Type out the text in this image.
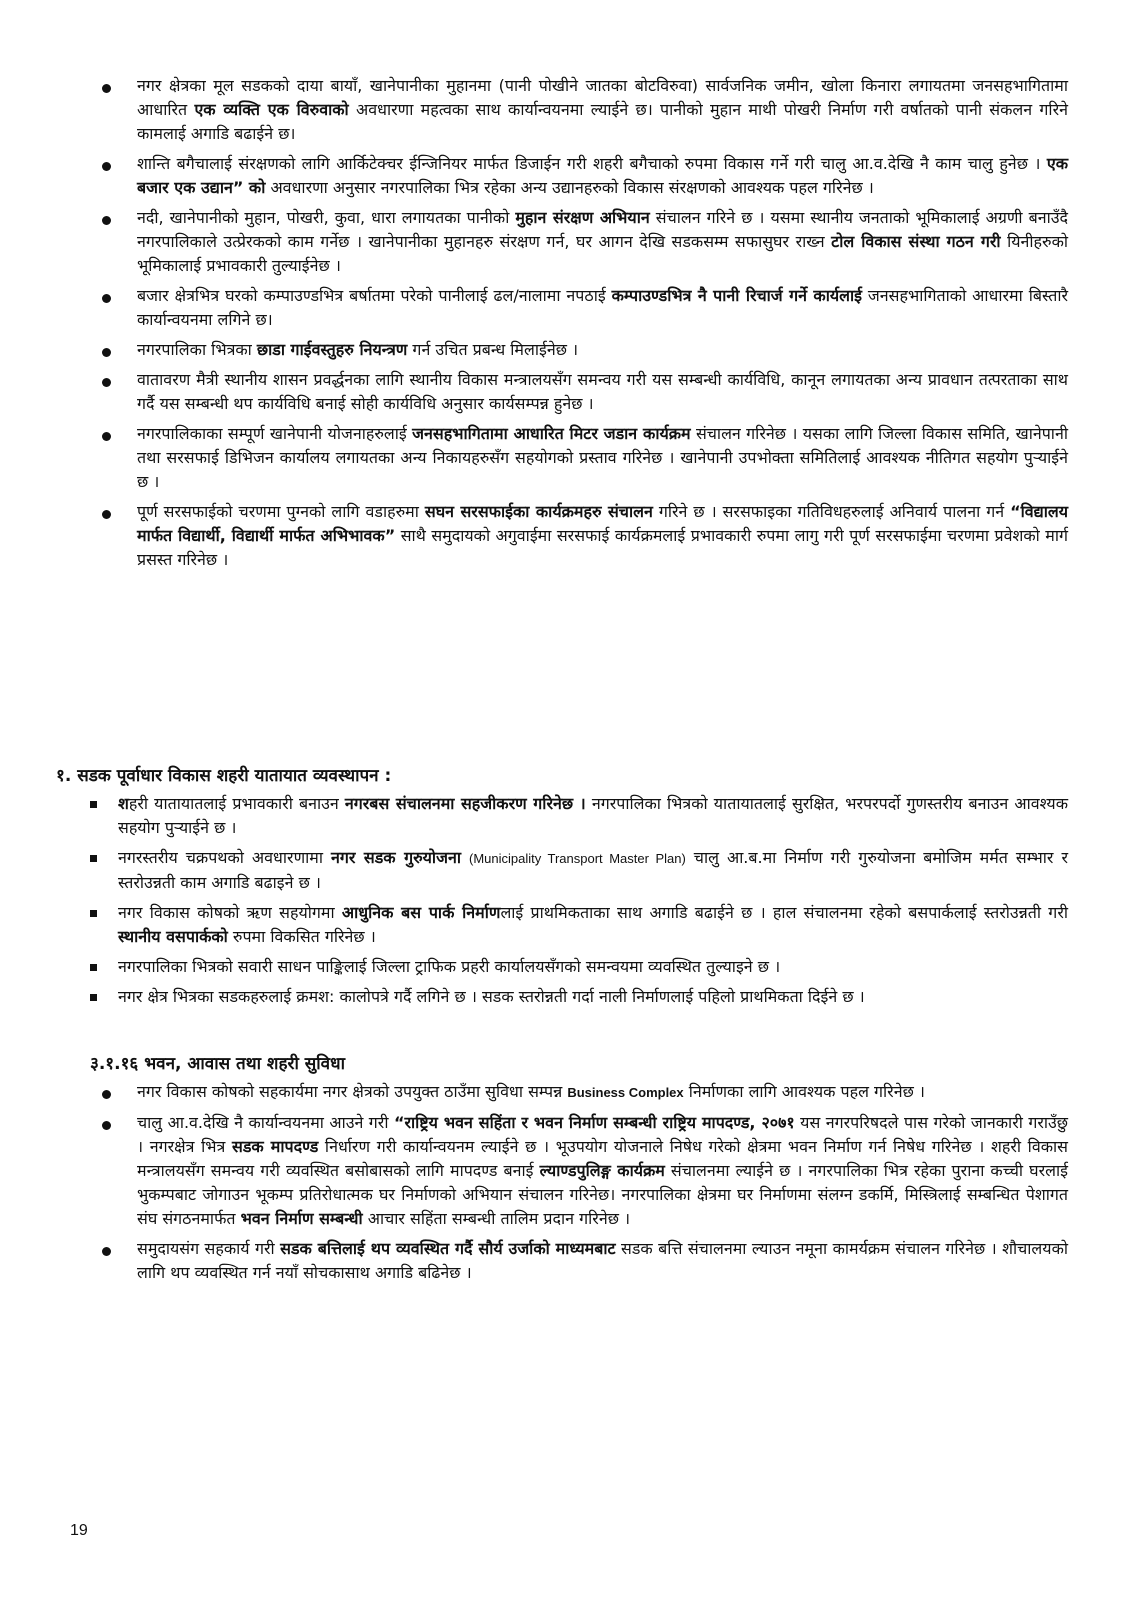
नगर क्षेत्रका मूल सडकको दाया बायाँ, खानेपानीका मुहानमा (पानी पोखीने जातका बोटविरुवा) सार्वजनिक जमीन, खोला किनारा लगायतमा जनसहभागितामा आधारित एक व्यक्ति एक विरुवाको अवधारणा महत्वका साथ कार्यान्वयनमा ल्याईने छ। पानीको मुहान माथी पोखरी निर्माण गरी वर्षातको पानी संकलन गरिने कामलाई अगाडि बढाईने छ।
शान्ति बगैचालाई संरक्षणको लागि आर्किटेक्चर ईन्जिनियर मार्फत डिजाईन गरी शहरी बगैचाको रुपमा विकास गर्ने गरी चालु आ.व.देखि नै काम चालु हुनेछ । एक बजार एक उद्यान” को अवधारणा अनुसार नगरपालिका भित्र रहेका अन्य उद्यानहरुको विकास संरक्षणको आवश्यक पहल गरिनेछ ।
नदी, खानेपानीको मुहान, पोखरी, कुवा, धारा लगायतका पानीको मुहान संरक्षण अभियान संचालन गरिने छ । यसमा स्थानीय जनताको भूमिकालाई अग्रणी बनाउँदै नगरपालिकाले उत्प्रेरकको काम गर्नेछ । खानेपानीका मुहानहरु संरक्षण गर्न, घर आगन देखि सडकसम्म सफासुघर राख्न टोल विकास संस्था गठन गरी यिनीहरुको भूमिकालाई प्रभावकारी तुल्याईनेछ ।
बजार क्षेत्रभित्र घरको कम्पाउण्डभित्र बर्षातमा परेको पानीलाई ढल/नालामा नपठाई कम्पाउण्डभित्र नै पानी रिचार्ज गर्ने कार्यलाई जनसहभागिताको आधारमा बिस्तारै कार्यान्वयनमा लगिने छ।
नगरपालिका भित्रका छाडा गाईवस्तुहरु नियन्त्रण गर्न उचित प्रबन्ध मिलाईनेछ ।
वातावरण मैत्री स्थानीय शासन प्रवर्द्धनका लागि स्थानीय विकास मन्त्रालयसँग समन्वय गरी यस सम्बन्धी कार्यविधि, कानून लगायतका अन्य प्रावधान तत्परताका साथ गर्दै यस सम्बन्धी थप कार्यविधि बनाई सोही कार्यविधि अनुसार कार्यसम्पन्न हुनेछ ।
नगरपालिकाका सम्पूर्ण खानेपानी योजनाहरुलाई जनसहभागितामा आधारित मिटर जडान कार्यक्रम संचालन गरिनेछ । यसका लागि जिल्ला विकास समिति, खानेपानी तथा सरसफाई डिभिजन कार्यालय लगायतका अन्य निकायहरुसँग सहयोगको प्रस्ताव गरिनेछ । खानेपानी उपभोक्ता समितिलाई आवश्यक नीतिगत सहयोग पुर्‍याईने छ ।
पूर्ण सरसफाईको चरणमा पुग्नको लागि वडाहरुमा सघन सरसफाईका कार्यक्रमहरु संचालन गरिने छ । सरसफाइका गतिविधहरुलाई अनिवार्य पालना गर्न “विद्यालय मार्फत विद्यार्थी, विद्यार्थी मार्फत अभिभावक” साथै समुदायको अगुवाईमा सरसफाई कार्यक्रमलाई प्रभावकारी रुपमा लागु गरी पूर्ण सरसफाईमा चरणमा प्रवेशको मार्ग प्रसस्त गरिनेछ ।
१. सडक पूर्वाधार विकास शहरी यातायात व्यवस्थापन :
शहरी यातायातलाई प्रभावकारी बनाउन नगरबस संचालनमा सहजीकरण गरिनेछ । नगरपालिका भित्रको यातायातलाई सुरक्षित, भरपरपर्दो गुणस्तरीय बनाउन आवश्यक सहयोग पुर्‍याईने छ ।
नगरस्तरीय चक्रपथको अवधारणामा नगर सडक गुरुयोजना (Municipality Transport Master Plan) चालु आ.ब.मा निर्माण गरी गुरुयोजना बमोजिम मर्मत सम्भार र स्तरोउन्नती काम अगाडि बढाइने छ ।
नगर विकास कोषको ऋण सहयोगमा आधुनिक बस पार्क निर्माणलाई प्राथमिकताका साथ अगाडि बढाईने छ । हाल संचालनमा रहेको बसपार्कलाई स्तरोउन्नती गरी स्थानीय वसपार्कको रुपमा विकसित गरिनेछ ।
नगरपालिका भित्रको सवारी साधन पाङ्किलाई जिल्ला ट्राफिक प्रहरी कार्यालयसँगको समन्वयमा व्यवस्थित तुल्याइने छ ।
नगर क्षेत्र भित्रका सडकहरुलाई क्रमश: कालोपत्रे गर्दै लगिने छ । सडक स्तरोन्नती गर्दा नाली निर्माणलाई पहिलो प्राथमिकता दिईने छ ।
३.१.१६ भवन, आवास तथा शहरी सुविधा
नगर विकास कोषको सहकार्यमा नगर क्षेत्रको उपयुक्त ठाउँमा सुविधा सम्पन्न Business Complex निर्माणका लागि आवश्यक पहल गरिनेछ ।
चालु आ.व.देखि नै कार्यान्वयनमा आउने गरी “राष्ट्रिय भवन सहिंता र भवन निर्माण सम्बन्धी राष्ट्रिय मापदण्ड, २०७१ यस नगरपरिषदले पास गरेको जानकारी गराउँछु । नगरक्षेत्र भित्र सडक मापदण्ड निर्धारण गरी कार्यान्वयनम ल्याईने छ । भूउपयोग योजनाले निषेध गरेको क्षेत्रमा भवन निर्माण गर्न निषेध गरिनेछ । शहरी विकास मन्त्रालयसँग समन्वय गरी व्यवस्थित बसोबासको लागि मापदण्ड बनाई ल्याण्डपुलिङ्ग कार्यक्रम संचालनमा ल्याईने छ । नगरपालिका भित्र रहेका पुराना कच्ची घरलाई भुकम्पबाट जोगाउन भूकम्प प्रतिरोधात्मक घर निर्माणको अभियान संचालन गरिनेछ। नगरपालिका क्षेत्रमा घर निर्माणमा संलग्न डकर्मि, मिस्त्रिलाई सम्बन्धित पेशागत संघ संगठनमार्फत भवन निर्माण सम्बन्धी आचार सहिंता सम्बन्धी तालिम प्रदान गरिनेछ ।
समुदायसंग सहकार्य गरी सडक बत्तिलाई थप व्यवस्थित गर्दै सौर्य उर्जाको माध्यमबाट सडक बत्ति संचालनमा ल्याउन नमूना कामर्यक्रम संचालन गरिनेछ । शौचालयको लागि थप व्यवस्थित गर्न नयाँ सोचकासाथ अगाडि बढिनेछ ।
19
